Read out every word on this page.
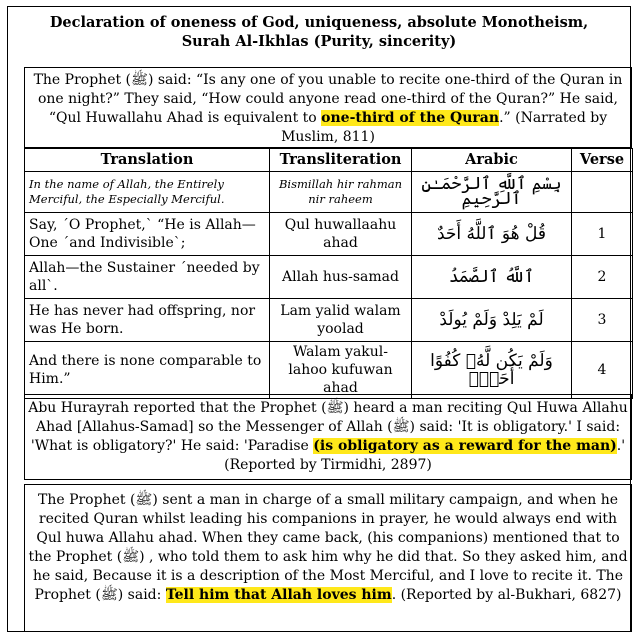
Declaration of oneness of God, uniqueness, absolute Monotheism,
Surah Al-Ikhlas (Purity, sincerity)
The Prophet (ﷺ) said: “Is any one of you unable to recite one-third of the Quran in one night?” They said, “How could anyone read one-third of the Quran?” He said, “Qul Huwallahu Ahad is equivalent to one-third of the Quran.” (Narrated by Muslim, 811)
Translation	Transliteration	Arabic	Verse
In the name of Allah, the Entirely Merciful, the Especially Merciful.	Bismillah hir rahman nir raheem	بِسْمِ ٱللَّهِ ٱلرَّحْمَـٰنِ ٱلرَّحِيمِ	
Say, ˊO Prophet,ˋ “He is Allah—One ˊand Indivisibleˋ;	Qul huwallaahu ahad	قُلْ هُوَ ٱللَّهُ أَحَدٌ	1
Allah—the Sustainer ˊneeded by allˋ.	Allah hus-samad	ٱللَّهُ ٱلصَّمَدُ	2
He has never had offspring, nor was He born.	Lam yalid walam yoolad	لَمْ يَلِدْ وَلَمْ يُولَدْ	3
And there is none comparable to Him.”	Walam yakul-lahoo kufuwan ahad	وَلَمْ يَكُن لَّهُۥ كُفُوًا أَحَدٌۢ	4
Abu Hurayrah reported that the Prophet (ﷺ) heard a man reciting Qul Huwa Allahu Ahad [Allahus-Samad] so the Messenger of Allah (ﷺ) said: 'It is obligatory.' I said: 'What is obligatory?' He said: 'Paradise (is obligatory as a reward for the man).' (Reported by Tirmidhi, 2897)
The Prophet (ﷺ) sent a man in charge of a small military campaign, and when he recited Quran whilst leading his companions in prayer, he would always end with Qul huwa Allahu ahad. When they came back, (his companions) mentioned that to the Prophet (ﷺ) , who told them to ask him why he did that. So they asked him, and he said, Because it is a description of the Most Merciful, and I love to recite it. The Prophet (ﷺ) said: Tell him that Allah loves him. (Reported by al-Bukhari, 6827)
